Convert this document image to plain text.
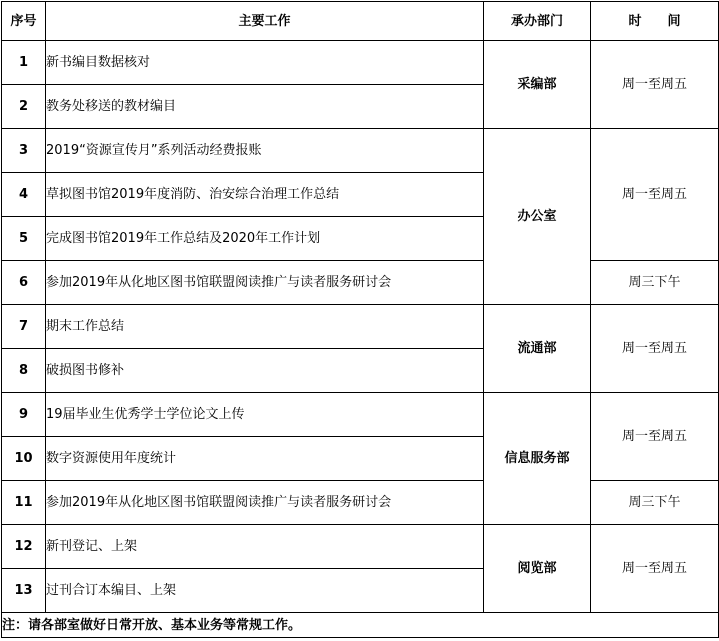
序号	主要工作	承办部门	时 间
1	新书编目数据核对	采编部	周一至周五
2	教务处移送的教材编目		
3	2019“资源宣传月”系列活动经费报账	办公室	周一至周五
4	草拟图书馆2019年度消防、治安综合治理工作总结		
5	完成图书馆2019年工作总结及2020年工作计划		
6	参加2019年从化地区图书馆联盟阅读推广与读者服务研讨会		周三下午
7	期末工作总结	流通部	周一至周五
8	破损图书修补		
9	19届毕业生优秀学士学位论文上传	信息服务部	周一至周五
10	数字资源使用年度统计		
11	参加2019年从化地区图书馆联盟阅读推广与读者服务研讨会		周三下午
12	新刊登记、上架	阅览部	周一至周五
13	过刊合订本编目、上架		
注：请各部室做好日常开放、基本业务等常规工作。			
